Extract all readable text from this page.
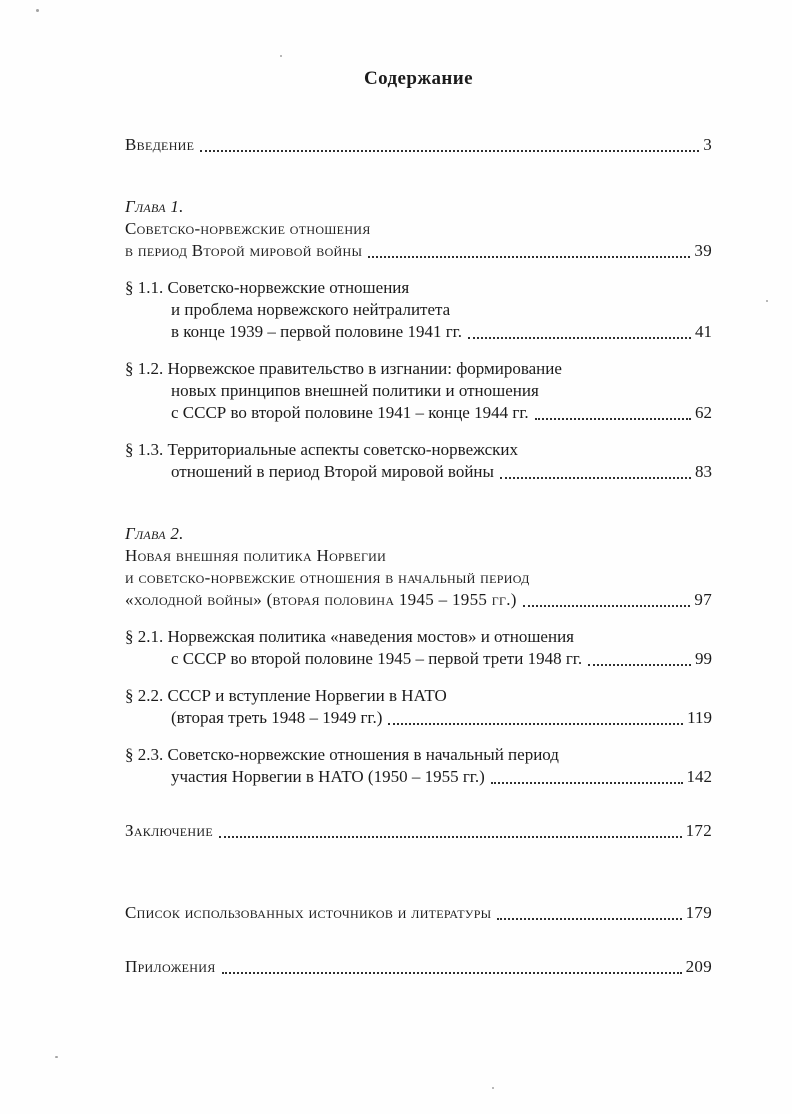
Содержание
Введение	3
Глава 1.
Советско-норвежские отношения
в период Второй мировой войны	39
§ 1.1. Советско-норвежские отношения
и проблема норвежского нейтралитета
в конце 1939 – первой половине 1941 гг.	41
§ 1.2. Норвежское правительство в изгнании: формирование
новых принципов внешней политики и отношения
с СССР во второй половине 1941 – конце 1944 гг.	62
§ 1.3. Территориальные аспекты советско-норвежских
отношений в период Второй мировой войны	83
Глава 2.
Новая внешняя политика Норвегии
и советско-норвежские отношения в начальный период
«холодной войны» (вторая половина 1945 – 1955 гг.)	97
§ 2.1. Норвежская политика «наведения мостов» и отношения
с СССР во второй половине 1945 – первой трети 1948 гг.	99
§ 2.2. СССР и вступление Норвегии в НАТО
(вторая треть 1948 – 1949 гг.)	119
§ 2.3. Советско-норвежские отношения в начальный период
участия Норвегии в НАТО (1950 – 1955 гг.)	142
Заключение	172
Список использованных источников и литературы	179
Приложения	209
